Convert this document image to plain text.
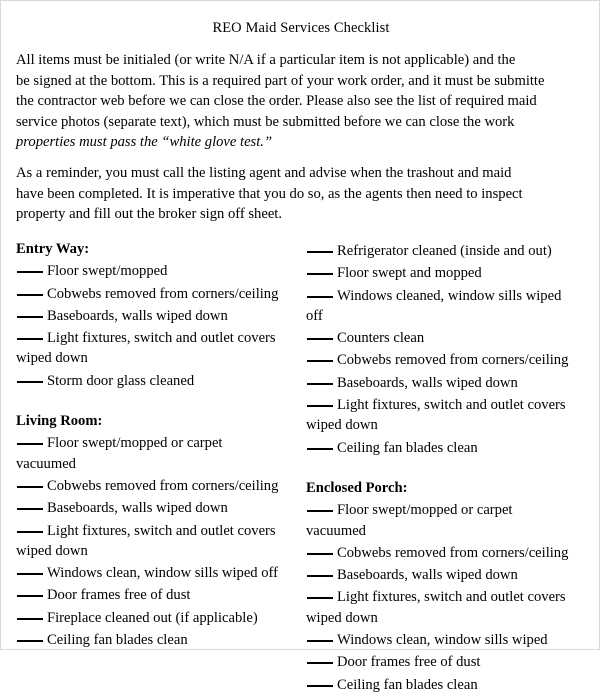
REO Maid Services Checklist
All items must be initialed (or write N/A if a particular item is not applicable) and the
be signed at the bottom. This is a required part of your work order, and it must be submitte
the contractor web before we can close the order. Please also see the list of required maid
service photos (separate text), which must be submitted before we can close the work
properties must pass the “white glove test.”
As a reminder, you must call the listing agent and advise when the trashout and maid
have been completed. It is imperative that you do so, as the agents then need to inspect
property and fill out the broker sign off sheet.
Entry Way:
Floor swept/mopped
Cobwebs removed from corners/ceiling
Baseboards, walls wiped down
Light fixtures, switch and outlet covers
wiped down
Storm door glass cleaned
Living Room:
Floor swept/mopped or carpet
vacuumed
Cobwebs removed from corners/ceiling
Baseboards, walls wiped down
Light fixtures, switch and outlet covers
wiped down
Windows clean, window sills wiped off
Door frames free of dust
Fireplace cleaned out (if applicable)
Ceiling fan blades clean
Refrigerator cleaned (inside and out)
Floor swept and mopped
Windows cleaned, window sills wiped
off
Counters clean
Cobwebs removed from corners/ceiling
Baseboards, walls wiped down
Light fixtures, switch and outlet covers
wiped down
Ceiling fan blades clean
Enclosed Porch:
Floor swept/mopped or carpet
vacuumed
Cobwebs removed from corners/ceiling
Baseboards, walls wiped down
Light fixtures, switch and outlet covers
wiped down
Windows clean, window sills wiped
Door frames free of dust
Ceiling fan blades clean
